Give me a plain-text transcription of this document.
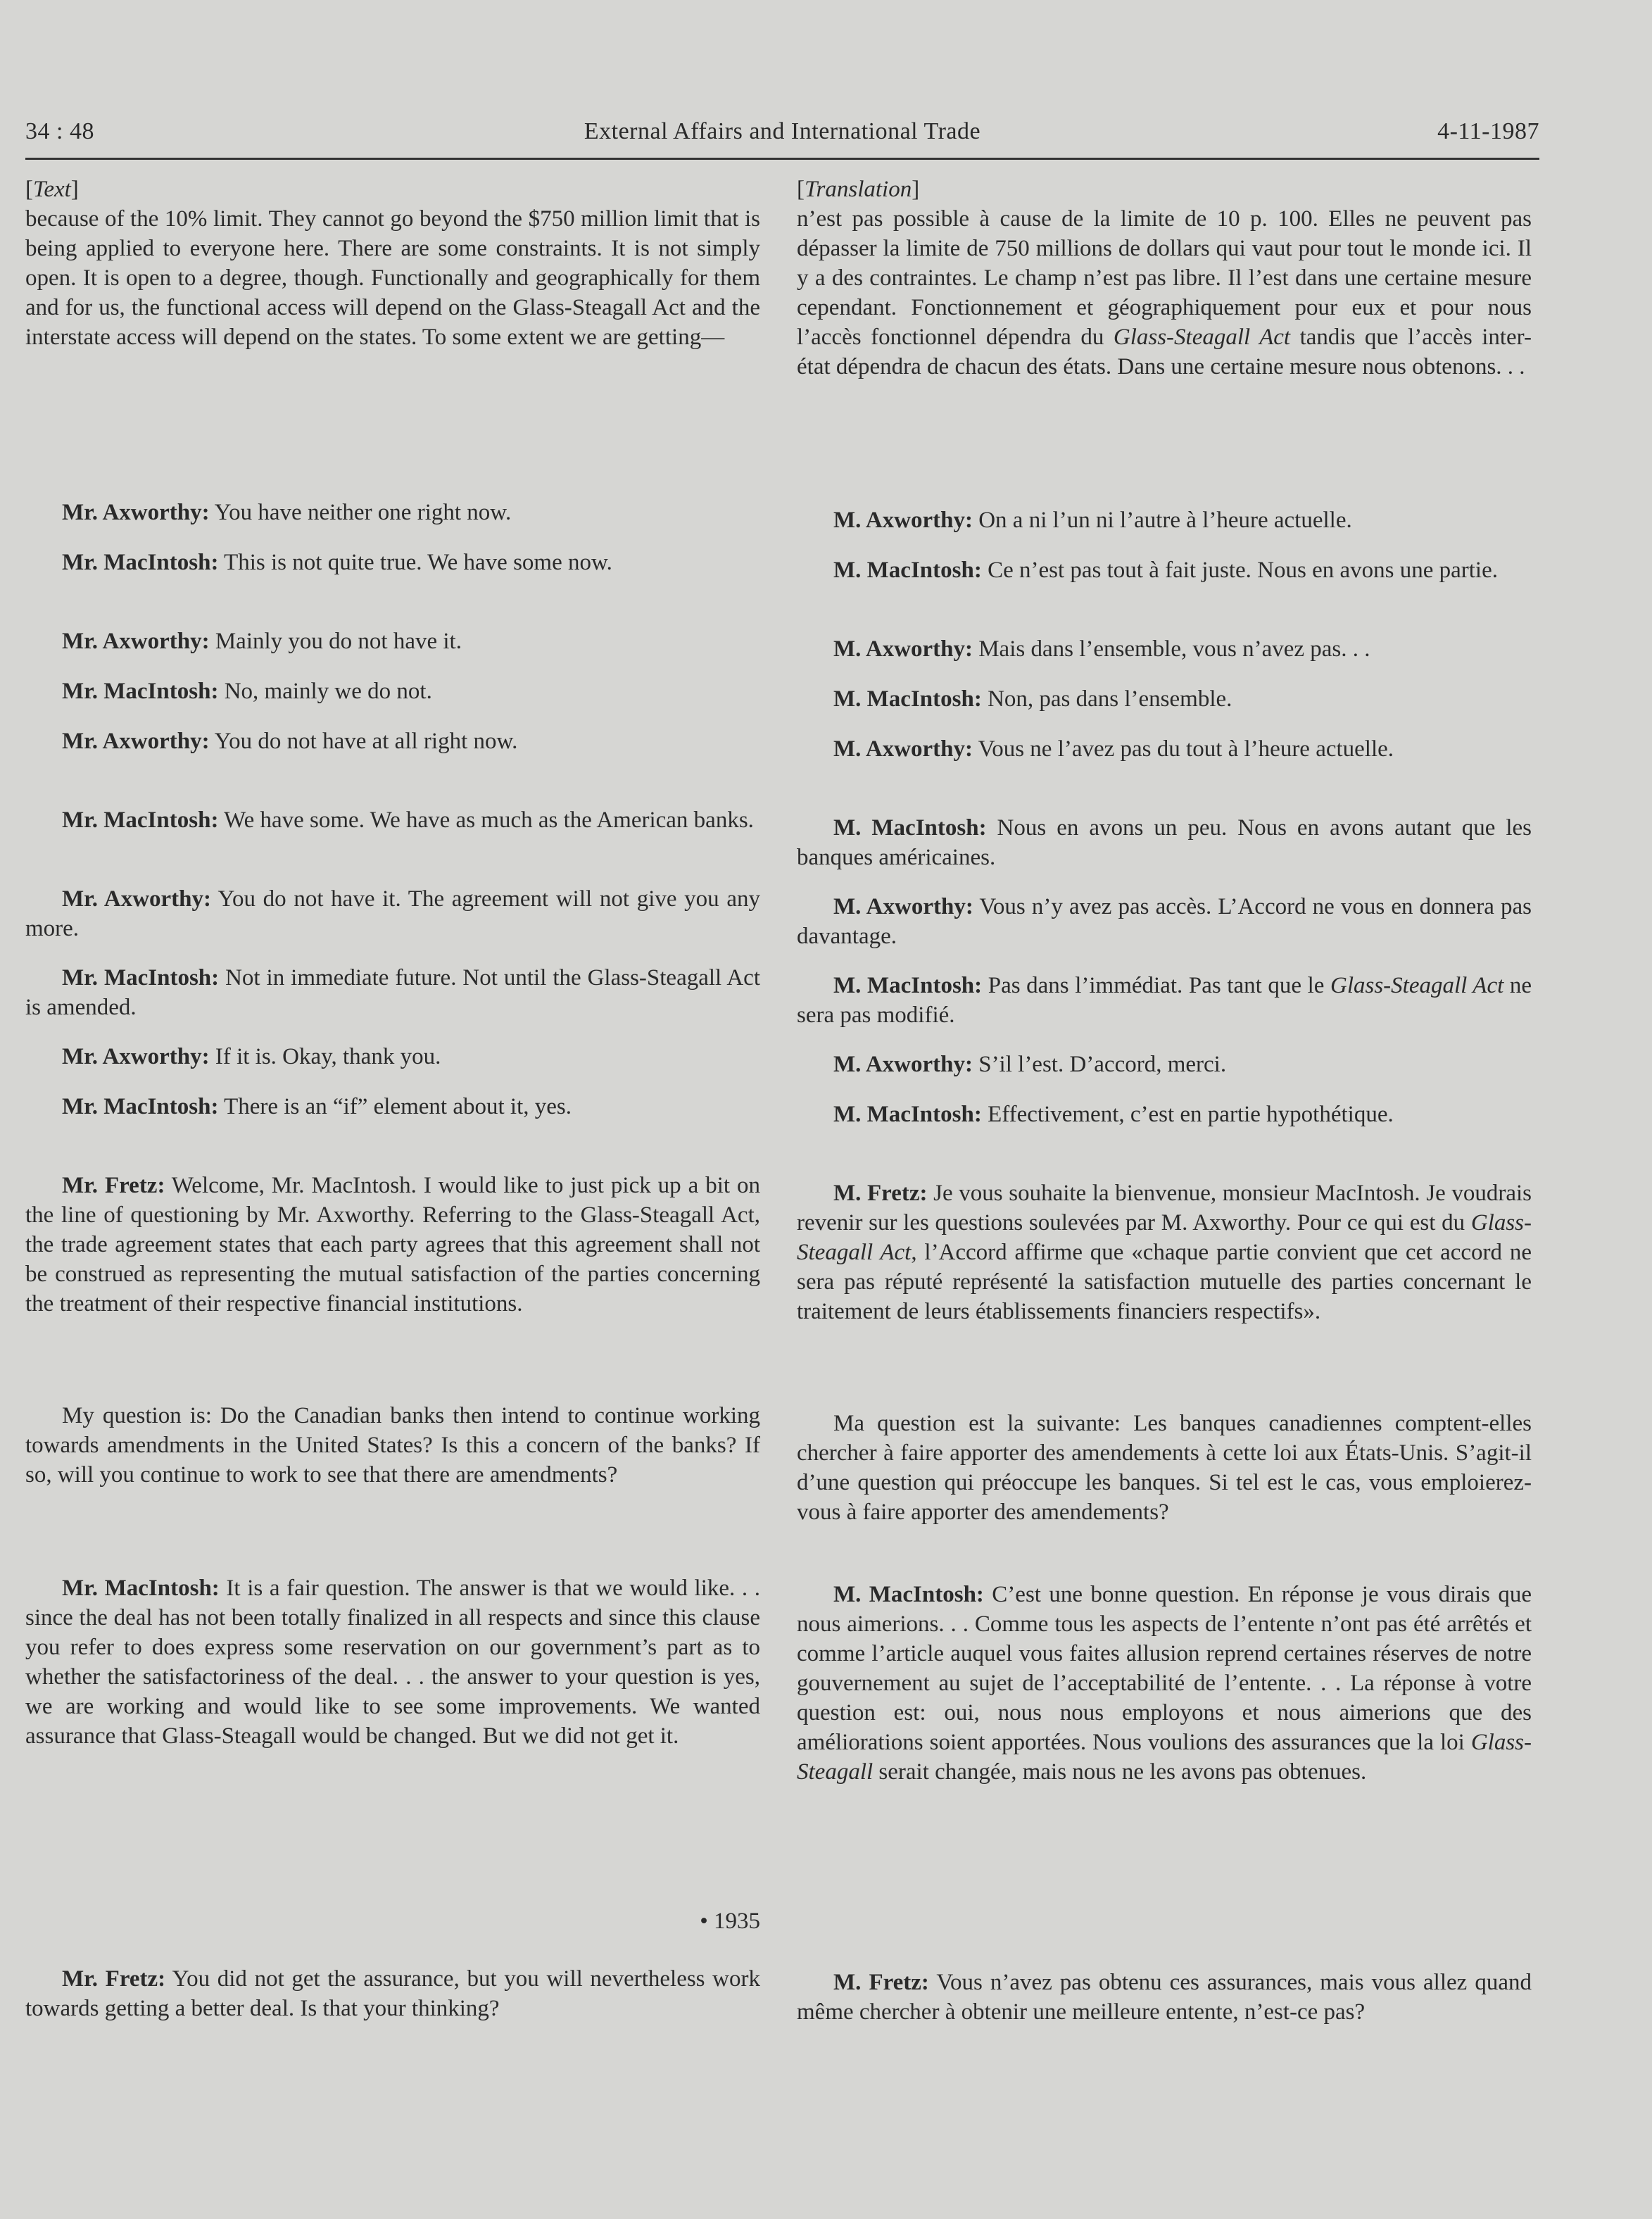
34 : 48	External Affairs and International Trade	4-11-1987

[Text]

because of the 10% limit. They cannot go beyond the $750 million limit that is being applied to everyone here. There are some constraints. It is not simply open. It is open to a degree, though. Functionally and geographically for them and for us, the functional access will depend on the Glass-Steagall Act and the interstate access will depend on the states. To some extent we are getting—

Mr. Axworthy: You have neither one right now.

Mr. MacIntosh: This is not quite true. We have some now.

Mr. Axworthy: Mainly you do not have it.

Mr. MacIntosh: No, mainly we do not.

Mr. Axworthy: You do not have at all right now.

Mr. MacIntosh: We have some. We have as much as the American banks.

Mr. Axworthy: You do not have it. The agreement will not give you any more.

Mr. MacIntosh: Not in immediate future. Not until the Glass-Steagall Act is amended.

Mr. Axworthy: If it is. Okay, thank you.

Mr. MacIntosh: There is an “if” element about it, yes.

Mr. Fretz: Welcome, Mr. MacIntosh. I would like to just pick up a bit on the line of questioning by Mr. Axworthy. Referring to the Glass-Steagall Act, the trade agreement states that each party agrees that this agreement shall not be construed as representing the mutual satisfaction of the parties concerning the treatment of their respective financial institutions.

My question is: Do the Canadian banks then intend to continue working towards amendments in the United States? Is this a concern of the banks? If so, will you continue to work to see that there are amendments?

Mr. MacIntosh: It is a fair question. The answer is that we would like. . . since the deal has not been totally finalized in all respects and since this clause you refer to does express some reservation on our government’s part as to whether the satisfactoriness of the deal. . . the answer to your question is yes, we are working and would like to see some improvements. We wanted assurance that Glass-Steagall would be changed. But we did not get it.

• 1935

Mr. Fretz: You did not get the assurance, but you will nevertheless work towards getting a better deal. Is that your thinking?

[Translation]

n’est pas possible à cause de la limite de 10 p. 100. Elles ne peuvent pas dépasser la limite de 750 millions de dollars qui vaut pour tout le monde ici. Il y a des contraintes. Le champ n’est pas libre. Il l’est dans une certaine mesure cependant. Fonctionnement et géographiquement pour eux et pour nous l’accès fonctionnel dépendra du Glass-Steagall Act tandis que l’accès inter-état dépendra de chacun des états. Dans une certaine mesure nous obtenons. . .

M. Axworthy: On a ni l’un ni l’autre à l’heure actuelle.

M. MacIntosh: Ce n’est pas tout à fait juste. Nous en avons une partie.

M. Axworthy: Mais dans l’ensemble, vous n’avez pas. . .

M. MacIntosh: Non, pas dans l’ensemble.

M. Axworthy: Vous ne l’avez pas du tout à l’heure actuelle.

M. MacIntosh: Nous en avons un peu. Nous en avons autant que les banques américaines.

M. Axworthy: Vous n’y avez pas accès. L’Accord ne vous en donnera pas davantage.

M. MacIntosh: Pas dans l’immédiat. Pas tant que le Glass-Steagall Act ne sera pas modifié.

M. Axworthy: S’il l’est. D’accord, merci.

M. MacIntosh: Effectivement, c’est en partie hypothétique.

M. Fretz: Je vous souhaite la bienvenue, monsieur MacIntosh. Je voudrais revenir sur les questions soulevées par M. Axworthy. Pour ce qui est du Glass-Steagall Act, l’Accord affirme que «chaque partie convient que cet accord ne sera pas réputé représenté la satisfaction mutuelle des parties concernant le traitement de leurs établissements financiers respectifs».

Ma question est la suivante: Les banques canadiennes comptent-elles chercher à faire apporter des amendements à cette loi aux États-Unis. S’agit-il d’une question qui préoccupe les banques. Si tel est le cas, vous emploierez-vous à faire apporter des amendements?

M. MacIntosh: C’est une bonne question. En réponse je vous dirais que nous aimerions. . . Comme tous les aspects de l’entente n’ont pas été arrêtés et comme l’article auquel vous faites allusion reprend certaines réserves de notre gouvernement au sujet de l’acceptabilité de l’entente. . . La réponse à votre question est: oui, nous nous employons et nous aimerions que des améliorations soient apportées. Nous voulions des assurances que la loi Glass-Steagall serait changée, mais nous ne les avons pas obtenues.

M. Fretz: Vous n’avez pas obtenu ces assurances, mais vous allez quand même chercher à obtenir une meilleure entente, n’est-ce pas?
